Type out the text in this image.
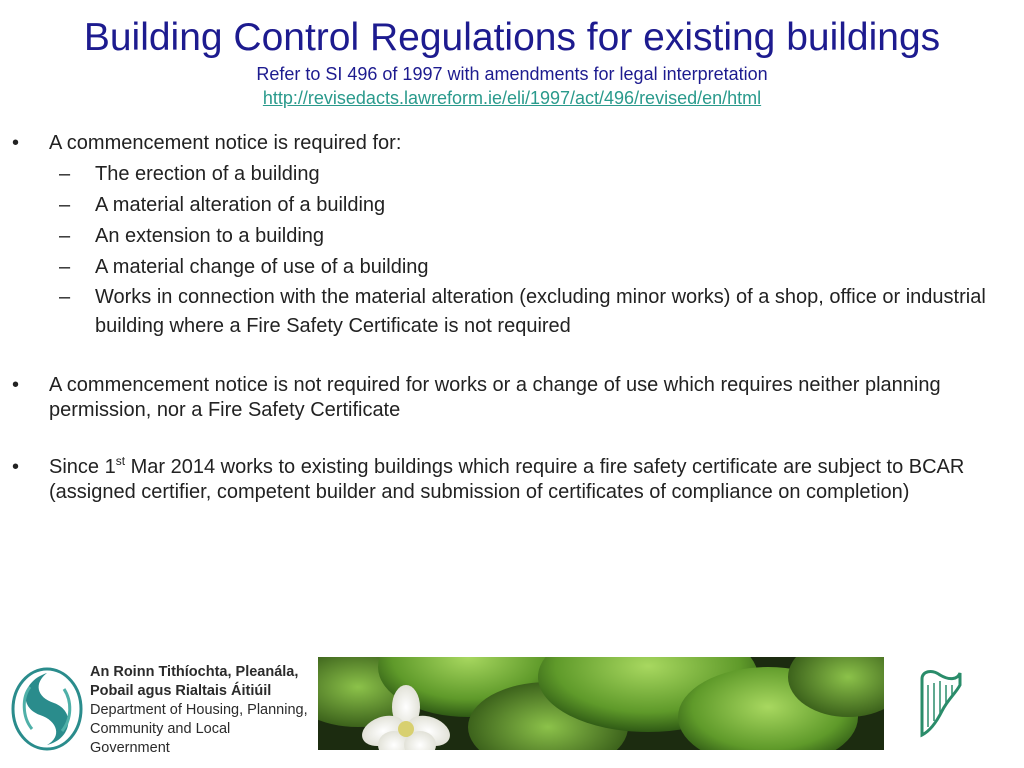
Building Control Regulations for existing buildings
Refer to SI 496 of 1997 with amendments for legal interpretation
http://revisedacts.lawreform.ie/eli/1997/act/496/revised/en/html
• A commencement notice is required for:
– The erection of a building
– A material alteration of a building
– An extension to a building
– A material change of use of a building
– Works in connection with the material alteration (excluding minor works) of a shop, office or industrial building where a Fire Safety Certificate is not required
• A commencement notice is not required for works or a change of use which requires neither planning permission, nor a Fire Safety Certificate
• Since 1st Mar 2014 works to existing buildings which require a fire safety certificate are subject to BCAR (assigned certifier, competent builder and submission of certificates of compliance on completion)
An Roinn Tithíochta, Pleanála,
Pobail agus Rialtais Áitiúil
Department of Housing, Planning,
Community and Local Government
